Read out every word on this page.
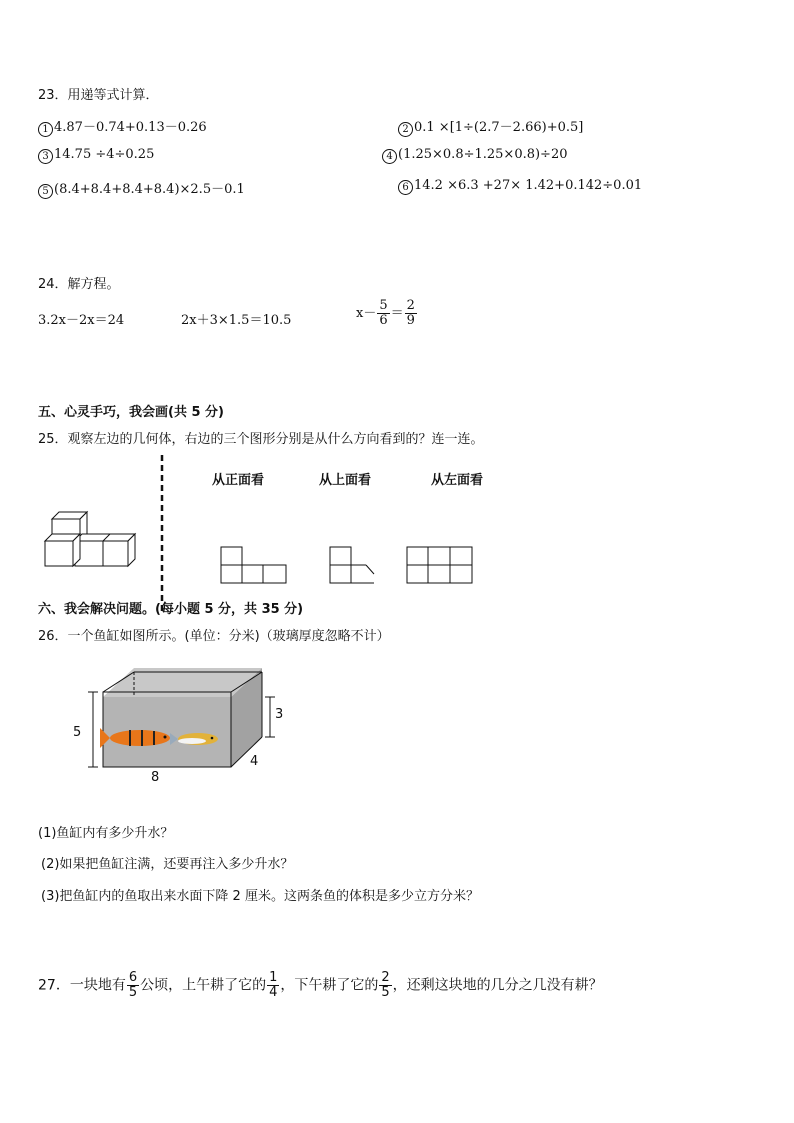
23．用递等式计算．
1 4.87－0.74+0.13－0.26	2 0.1 ×[1÷(2.7－2.66)+0.5]
3 14.75 ÷4÷0.25	4 (1.25×0.8÷1.25×0.8)÷20
5 (8.4+8.4+8.4+8.4)×2.5－0.1	6 14.2 ×6.3 +27× 1.42+0.142÷0.01
24．解方程。
3.2x－2x＝24	2x＋3×1.5＝10.5	$x- \frac{5}{6} = \frac{2}{9}$
五、心灵手巧，我会画(共 5 分)
25．观察左边的几何体，右边的三个图形分别是从什么方向看到的？连一连。
从正面看	从上面看	从左面看
六、我会解决问题。(每小题 5 分，共 35 分)
26．一个鱼缸如图所示。(单位：分米)（玻璃厚度忽略不计）
5
8
4
3
(1)鱼缸内有多少升水？
(2)如果把鱼缸注满，还要再注入多少升水？
(3)把鱼缸内的鱼取出来水面下降 2 厘米。这两条鱼的体积是多少立方分米？
27．一块地有 $\frac{6}{5}$ 公顷，上午耕了它的 $\frac{1}{4}$ ，下午耕了它的 $\frac{2}{5}$ ，还剩这块地的几分之几没有耕？
